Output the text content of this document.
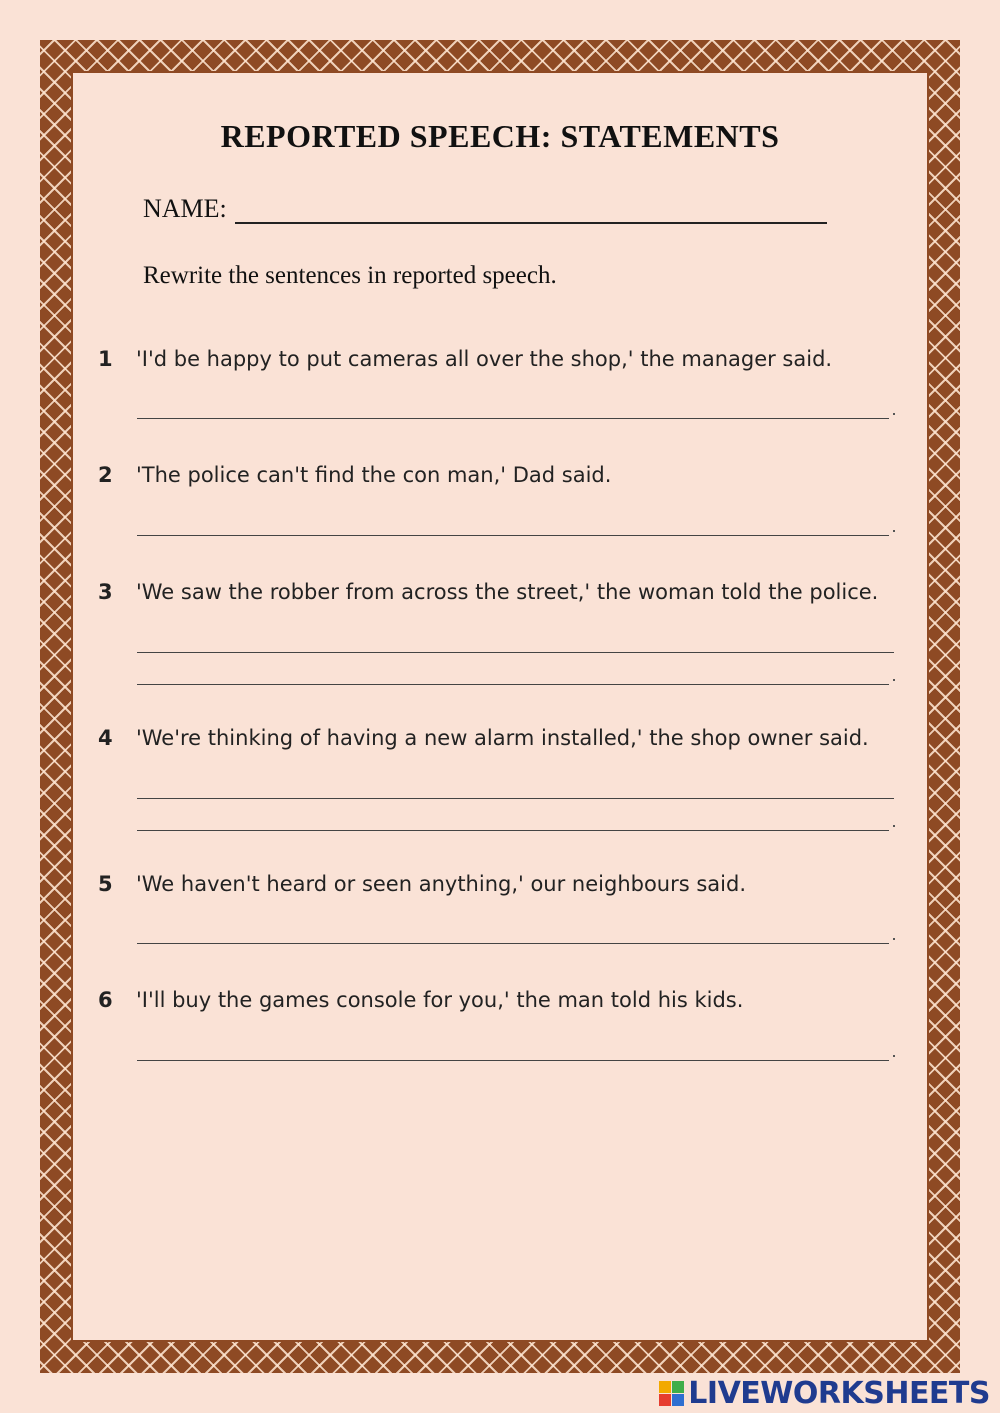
REPORTED SPEECH: STATEMENTS
NAME:
Rewrite the sentences in reported speech.
1 'I'd be happy to put cameras all over the shop,' the manager said.
2 'The police can't find the con man,' Dad said.
3 'We saw the robber from across the street,' the woman told the police.
4 'We're thinking of having a new alarm installed,' the shop owner said.
5 'We haven't heard or seen anything,' our neighbours said.
6 'I'll buy the games console for you,' the man told his kids.
LIVEWORKSHEETS
